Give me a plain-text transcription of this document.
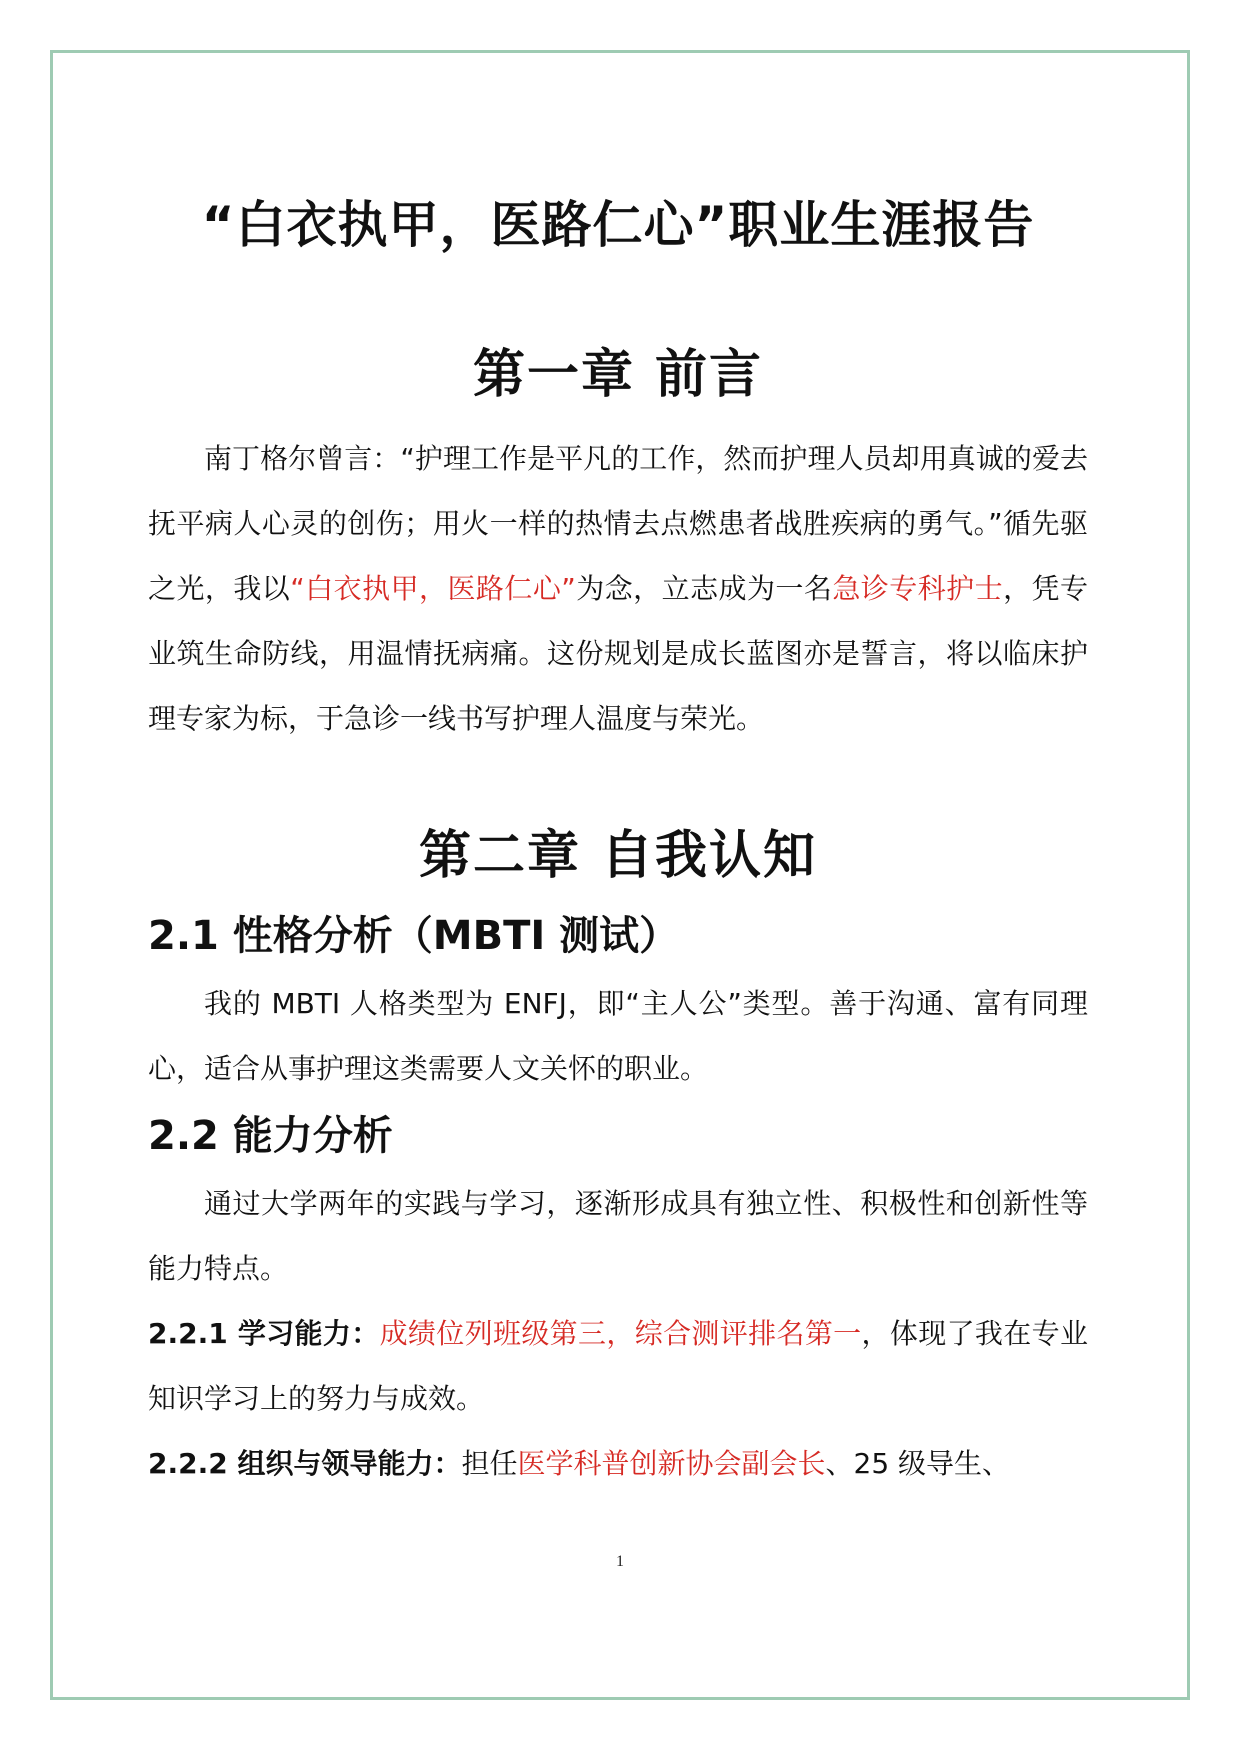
“白衣执甲，医路仁心”职业生涯报告
第一章 前言

南丁格尔曾言：“护理工作是平凡的工作，然而护理人员却用真诚的爱去抚平病人心灵的创伤；用火一样的热情去点燃患者战胜疾病的勇气。”循先驱之光，我以“白衣执甲，医路仁心”为念，立志成为一名急诊专科护士，凭专业筑生命防线，用温情抚病痛。这份规划是成长蓝图亦是誓言，将以临床护理专家为标，于急诊一线书写护理人温度与荣光。

第二章 自我认知
2.1 性格分析（MBTI 测试）

我的 MBTI 人格类型为 ENFJ，即“主人公”类型。善于沟通、富有同理心，适合从事护理这类需要人文关怀的职业。

2.2 能力分析

通过大学两年的实践与学习，逐渐形成具有独立性、积极性和创新性等能力特点。

2.2.1 学习能力：成绩位列班级第三，综合测评排名第一，体现了我在专业知识学习上的努力与成效。

2.2.2 组织与领导能力：担任医学科普创新协会副会长、25 级导生、

1
